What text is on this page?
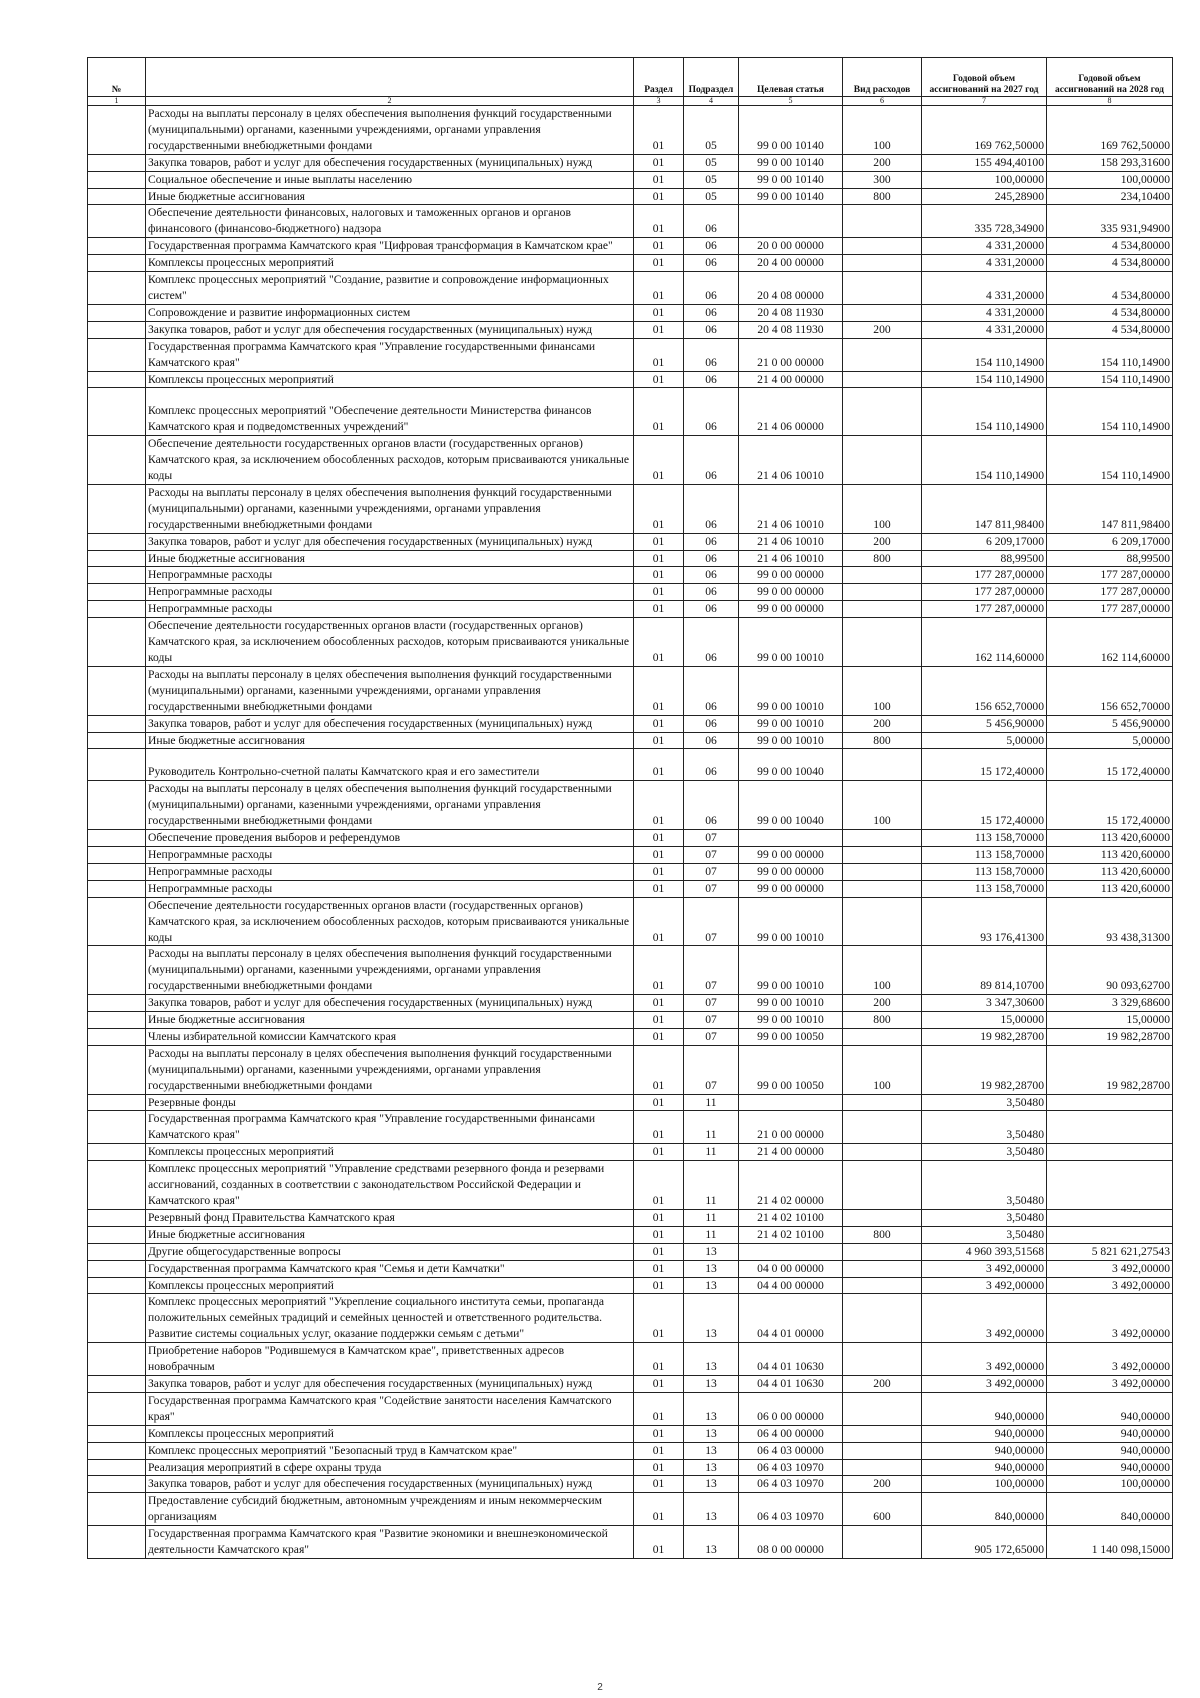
№		Раздел	Подраздел	Целевая статья	Вид расходов	Годовой объем ассигнований на 2027 год	Годовой объем ассигнований на 2028 год
1	2	3	4	5	6	7	8
	Расходы на выплаты персоналу в целях обеспечения выполнения функций государственными (муниципальными) органами, казенными учреждениями, органами управления государственными внебюджетными фондами	01	05	99 0 00 10140	100	169 762,50000	169 762,50000
	Закупка товаров, работ и услуг для обеспечения государственных (муниципальных) нужд	01	05	99 0 00 10140	200	155 494,40100	158 293,31600
	Социальное обеспечение и иные выплаты населению	01	05	99 0 00 10140	300	100,00000	100,00000
	Иные бюджетные ассигнования	01	05	99 0 00 10140	800	245,28900	234,10400
	Обеспечение деятельности финансовых, налоговых и таможенных органов и органов финансового (финансово-бюджетного) надзора	01	06			335 728,34900	335 931,94900
	Государственная программа Камчатского края "Цифровая трансформация в Камчатском крае"	01	06	20 0 00 00000		4 331,20000	4 534,80000
	Комплексы процессных мероприятий	01	06	20 4 00 00000		4 331,20000	4 534,80000
	Комплекс процессных мероприятий "Создание, развитие и сопровождение информационных систем"	01	06	20 4 08 00000		4 331,20000	4 534,80000
	Сопровождение и развитие информационных систем	01	06	20 4 08 11930		4 331,20000	4 534,80000
	Закупка товаров, работ и услуг для обеспечения государственных (муниципальных) нужд	01	06	20 4 08 11930	200	4 331,20000	4 534,80000
	Государственная программа Камчатского края "Управление государственными финансами Камчатского края"	01	06	21 0 00 00000		154 110,14900	154 110,14900
	Комплексы процессных мероприятий	01	06	21 4 00 00000		154 110,14900	154 110,14900
	Комплекс процессных мероприятий "Обеспечение деятельности Министерства финансов Камчатского края и подведомственных учреждений"	01	06	21 4 06 00000		154 110,14900	154 110,14900
	Обеспечение деятельности государственных органов власти (государственных органов) Камчатского края, за исключением обособленных расходов, которым присваиваются уникальные коды	01	06	21 4 06 10010		154 110,14900	154 110,14900
	Расходы на выплаты персоналу в целях обеспечения выполнения функций государственными (муниципальными) органами, казенными учреждениями, органами управления государственными внебюджетными фондами	01	06	21 4 06 10010	100	147 811,98400	147 811,98400
	Закупка товаров, работ и услуг для обеспечения государственных (муниципальных) нужд	01	06	21 4 06 10010	200	6 209,17000	6 209,17000
	Иные бюджетные ассигнования	01	06	21 4 06 10010	800	88,99500	88,99500
	Непрограммные расходы	01	06	99 0 00 00000		177 287,00000	177 287,00000
	Непрограммные расходы	01	06	99 0 00 00000		177 287,00000	177 287,00000
	Непрограммные расходы	01	06	99 0 00 00000		177 287,00000	177 287,00000
	Обеспечение деятельности государственных органов власти (государственных органов) Камчатского края, за исключением обособленных расходов, которым присваиваются уникальные коды	01	06	99 0 00 10010		162 114,60000	162 114,60000
	Расходы на выплаты персоналу в целях обеспечения выполнения функций государственными (муниципальными) органами, казенными учреждениями, органами управления государственными внебюджетными фондами	01	06	99 0 00 10010	100	156 652,70000	156 652,70000
	Закупка товаров, работ и услуг для обеспечения государственных (муниципальных) нужд	01	06	99 0 00 10010	200	5 456,90000	5 456,90000
	Иные бюджетные ассигнования	01	06	99 0 00 10010	800	5,00000	5,00000
	Руководитель Контрольно-счетной палаты Камчатского края и его заместители	01	06	99 0 00 10040		15 172,40000	15 172,40000
	Расходы на выплаты персоналу в целях обеспечения выполнения функций государственными (муниципальными) органами, казенными учреждениями, органами управления государственными внебюджетными фондами	01	06	99 0 00 10040	100	15 172,40000	15 172,40000
	Обеспечение проведения выборов и референдумов	01	07			113 158,70000	113 420,60000
	Непрограммные расходы	01	07	99 0 00 00000		113 158,70000	113 420,60000
	Непрограммные расходы	01	07	99 0 00 00000		113 158,70000	113 420,60000
	Непрограммные расходы	01	07	99 0 00 00000		113 158,70000	113 420,60000
	Обеспечение деятельности государственных органов власти (государственных органов) Камчатского края, за исключением обособленных расходов, которым присваиваются уникальные коды	01	07	99 0 00 10010		93 176,41300	93 438,31300
	Расходы на выплаты персоналу в целях обеспечения выполнения функций государственными (муниципальными) органами, казенными учреждениями, органами управления государственными внебюджетными фондами	01	07	99 0 00 10010	100	89 814,10700	90 093,62700
	Закупка товаров, работ и услуг для обеспечения государственных (муниципальных) нужд	01	07	99 0 00 10010	200	3 347,30600	3 329,68600
	Иные бюджетные ассигнования	01	07	99 0 00 10010	800	15,00000	15,00000
	Члены избирательной комиссии Камчатского края	01	07	99 0 00 10050		19 982,28700	19 982,28700
	Расходы на выплаты персоналу в целях обеспечения выполнения функций государственными (муниципальными) органами, казенными учреждениями, органами управления государственными внебюджетными фондами	01	07	99 0 00 10050	100	19 982,28700	19 982,28700
	Резервные фонды	01	11			3,50480	
	Государственная программа Камчатского края "Управление государственными финансами Камчатского края"	01	11	21 0 00 00000		3,50480	
	Комплексы процессных мероприятий	01	11	21 4 00 00000		3,50480	
	Комплекс процессных мероприятий "Управление средствами резервного фонда и резервами ассигнований, созданных в соответствии с законодательством Российской Федерации и Камчатского края"	01	11	21 4 02 00000		3,50480	
	Резервный фонд Правительства Камчатского края	01	11	21 4 02 10100		3,50480	
	Иные бюджетные ассигнования	01	11	21 4 02 10100	800	3,50480	
	Другие общегосударственные вопросы	01	13			4 960 393,51568	5 821 621,27543
	Государственная программа Камчатского края "Семья и дети Камчатки"	01	13	04 0 00 00000		3 492,00000	3 492,00000
	Комплексы процессных мероприятий	01	13	04 4 00 00000		3 492,00000	3 492,00000
	Комплекс процессных мероприятий "Укрепление социального института семьи, пропаганда положительных семейных традиций и семейных ценностей и ответственного родительства. Развитие системы социальных услуг, оказание поддержки семьям с детьми"	01	13	04 4 01 00000		3 492,00000	3 492,00000
	Приобретение наборов "Родившемуся в Камчатском крае", приветственных адресов новобрачным	01	13	04 4 01 10630		3 492,00000	3 492,00000
	Закупка товаров, работ и услуг для обеспечения государственных (муниципальных) нужд	01	13	04 4 01 10630	200	3 492,00000	3 492,00000
	Государственная программа Камчатского края "Содействие занятости населения Камчатского края"	01	13	06 0 00 00000		940,00000	940,00000
	Комплексы процессных мероприятий	01	13	06 4 00 00000		940,00000	940,00000
	Комплекс процессных мероприятий "Безопасный труд в Камчатском крае"	01	13	06 4 03 00000		940,00000	940,00000
	Реализация мероприятий в сфере охраны труда	01	13	06 4 03 10970		940,00000	940,00000
	Закупка товаров, работ и услуг для обеспечения государственных (муниципальных) нужд	01	13	06 4 03 10970	200	100,00000	100,00000
	Предоставление субсидий бюджетным, автономным учреждениям и иным некоммерческим организациям	01	13	06 4 03 10970	600	840,00000	840,00000
	Государственная программа Камчатского края "Развитие экономики и внешнеэкономической деятельности Камчатского края"	01	13	08 0 00 00000		905 172,65000	1 140 098,15000
2
